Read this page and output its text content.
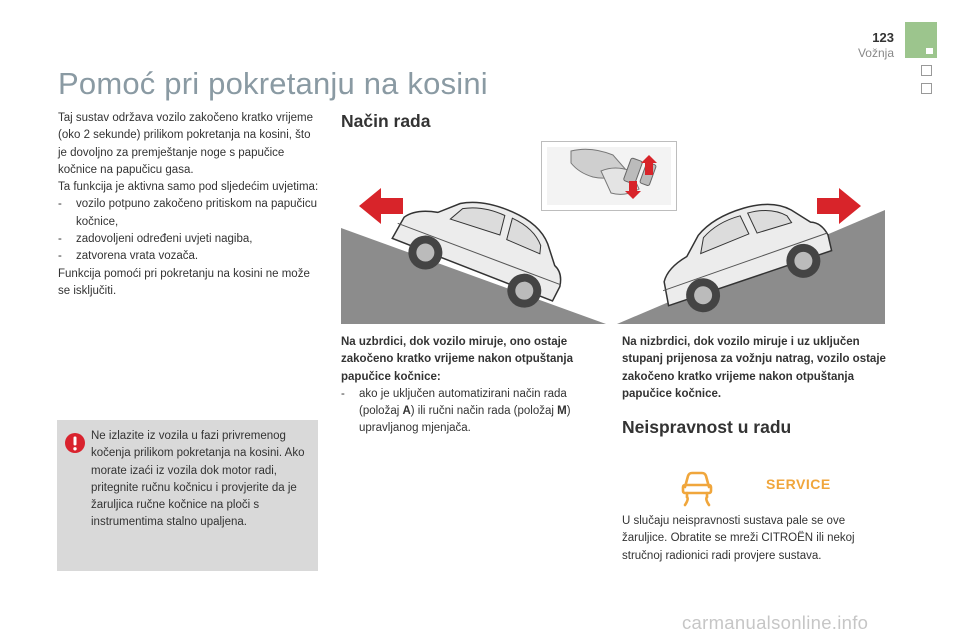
123
Vožnja
Pomoć pri pokretanju na kosini

Taj sustav održava vozilo zakočeno kratko vrijeme (oko 2 sekunde) prilikom pokretanja na kosini, što je dovoljno za premještanje noge s papučice kočnice na papučicu gasa.

Ta funkcija je aktivna samo pod sljedećim uvjetima:

-	vozilo potpuno zakočeno pritiskom na papučicu kočnice,
-	zadovoljeni određeni uvjeti nagiba,
-	zatvorena vrata vozača.

Funkcija pomoći pri pokretanju na kosini ne može se isključiti.

Ne izlazite iz vozila u fazi privremenog kočenja prilikom pokretanja na kosini. Ako morate izaći iz vozila dok motor radi, pritegnite ručnu kočnicu i provjerite da je žaruljica ručne kočnice na ploči s instrumentima stalno upaljena.
Način rada
Neispravnost u radu
Na uzbrdici, dok vozilo miruje, ono ostaje zakočeno kratko vrijeme nakon otpuštanja papučice kočnice:
-	ako je uključen automatizirani način rada (položaj A) ili ručni način rada (položaj M) upravljanog mjenjača.
Na nizbrdici, dok vozilo miruje i uz uključen stupanj prijenosa za vožnju natrag, vozilo ostaje zakočeno kratko vrijeme nakon otpuštanja papučice kočnice.
SERVICE
U slučaju neispravnosti sustava pale se ove žaruljice. Obratite se mreži CITROËN ili nekoj stručnoj radionici radi provjere sustava.
carmanualsonline.info
